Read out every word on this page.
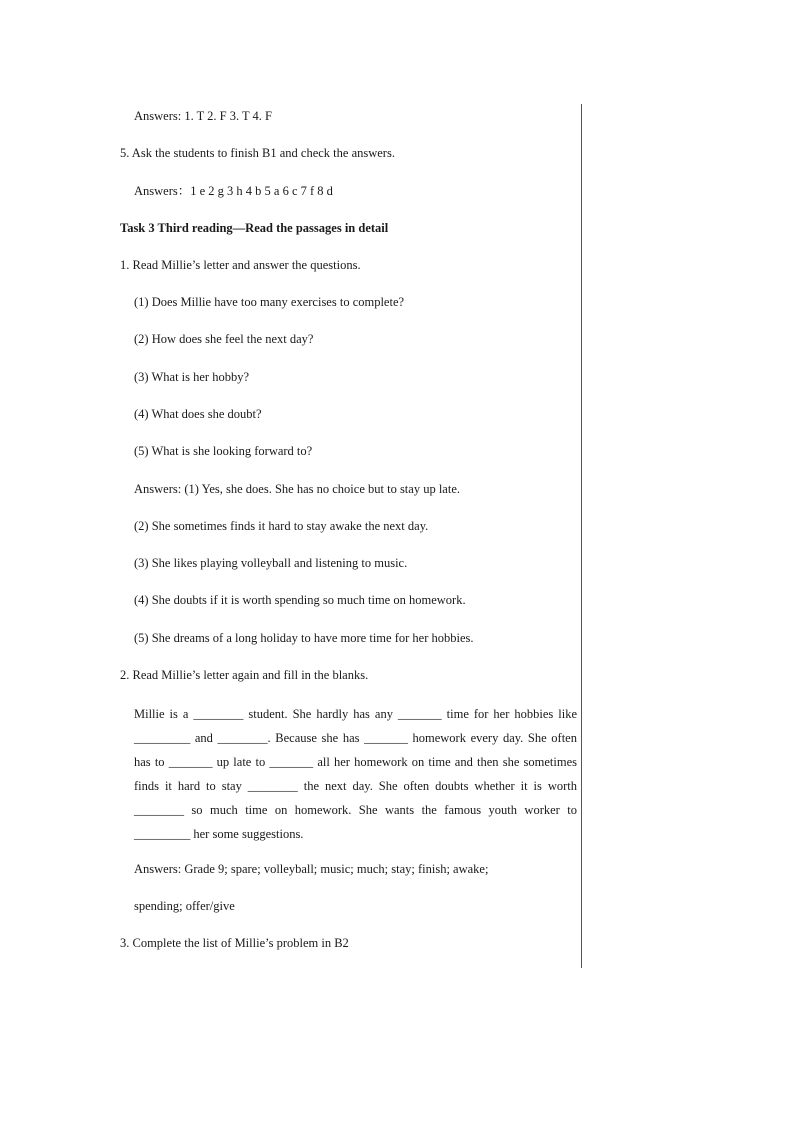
Answers: 1. T 2. F 3. T 4. F
5. Ask the students to finish B1 and check the answers.
Answers：1 e 2 g 3 h 4 b 5 a 6 c 7 f 8 d
Task 3 Third reading—Read the passages in detail
1. Read Millie’s letter and answer the questions.
(1) Does Millie have too many exercises to complete?
(2) How does she feel the next day?
(3) What is her hobby?
(4) What does she doubt?
(5) What is she looking forward to?
Answers: (1) Yes, she does. She has no choice but to stay up late.
(2) She sometimes finds it hard to stay awake the next day.
(3) She likes playing volleyball and listening to music.
(4) She doubts if it is worth spending so much time on homework.
(5) She dreams of a long holiday to have more time for her hobbies.
2. Read Millie’s letter again and fill in the blanks.
Millie is a ________ student. She hardly has any _______ time for her hobbies like _________ and ________. Because she has _______ homework every day. She often has to _______ up late to _______ all her homework on time and then she sometimes finds it hard to stay ________ the next day. She often doubts whether it is worth ________ so much time on homework. She wants the famous youth worker to _________ her some suggestions.
Answers: Grade 9; spare; volleyball; music; much; stay; finish; awake;
spending; offer/give
3. Complete the list of Millie’s problem in B2
